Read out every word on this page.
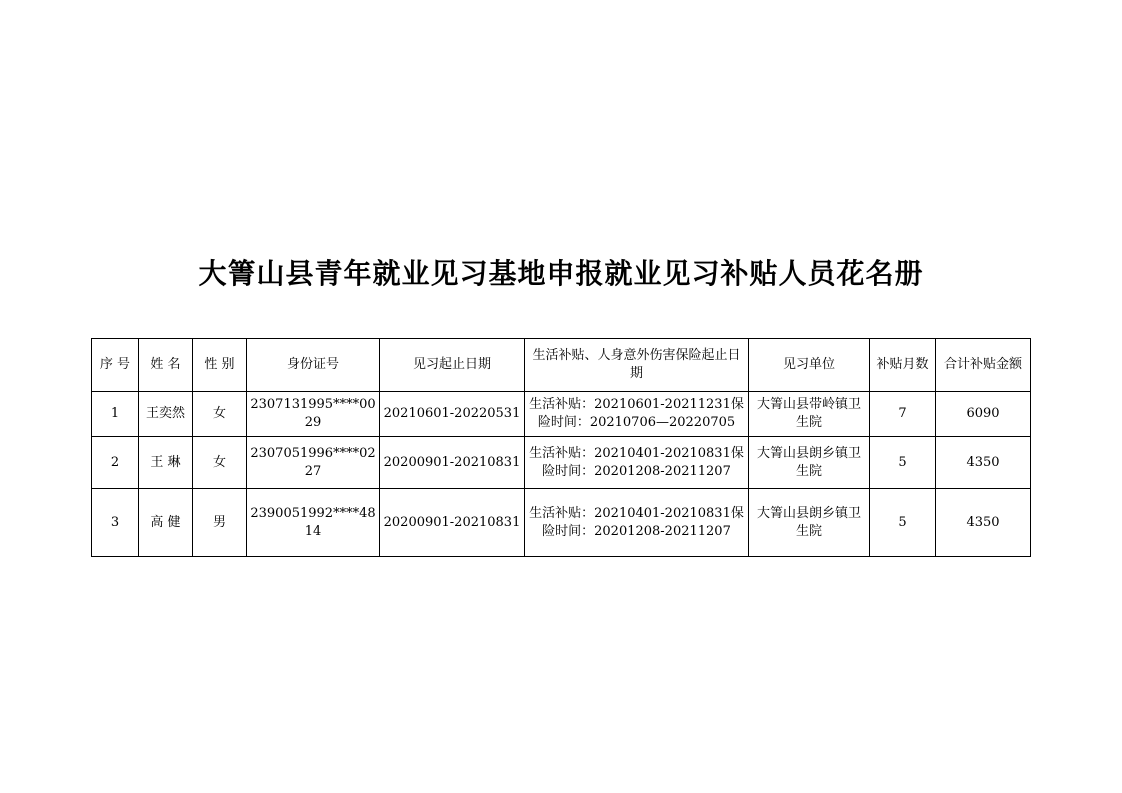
大箐山县青年就业见习基地申报就业见习补贴人员花名册
序 号	姓 名	性 别	身份证号	见习起止日期	生活补贴、人身意外伤害保险起止日期	见习单位	补贴月数	合计补贴金额
1	王奕然	女	2307131995****0029	20210601-20220531	生活补贴：20210601-20211231保险时间：20210706—20220705	大箐山县带岭镇卫生院	7	6090
2	王 琳	女	2307051996****0227	20200901-20210831	生活补贴：20210401-20210831保险时间：20201208-20211207	大箐山县朗乡镇卫生院	5	4350
3	高 健	男	2390051992****4814	20200901-20210831	生活补贴：20210401-20210831保险时间：20201208-20211207	大箐山县朗乡镇卫生院	5	4350
